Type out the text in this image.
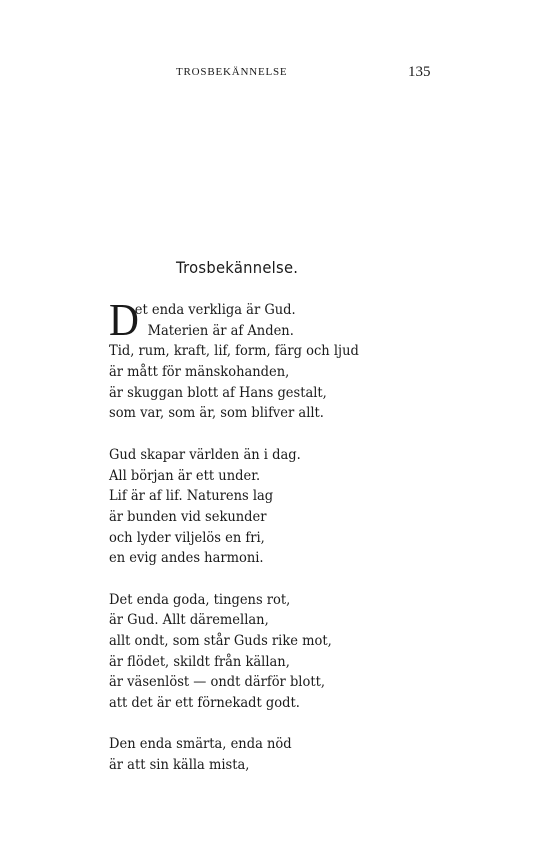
TROSBEKÄNNELSE	135
Trosbekännelse.
D
et enda verkliga är Gud.
Materien är af Anden.
Tid, rum, kraft, lif, form, färg och ljud
är mått för mänskohanden,
är skuggan blott af Hans gestalt,
som var, som är, som blifver allt.
Gud skapar världen än i dag.
All början är ett under.
Lif är af lif. Naturens lag
är bunden vid sekunder
och lyder viljelös en fri,
en evig andes harmoni.
Det enda goda, tingens rot,
är Gud. Allt däremellan,
allt ondt, som står Guds rike mot,
är flödet, skildt från källan,
är väsenlöst — ondt därför blott,
att det är ett förnekadt godt.
Den enda smärta, enda nöd
är att sin källa mista,
